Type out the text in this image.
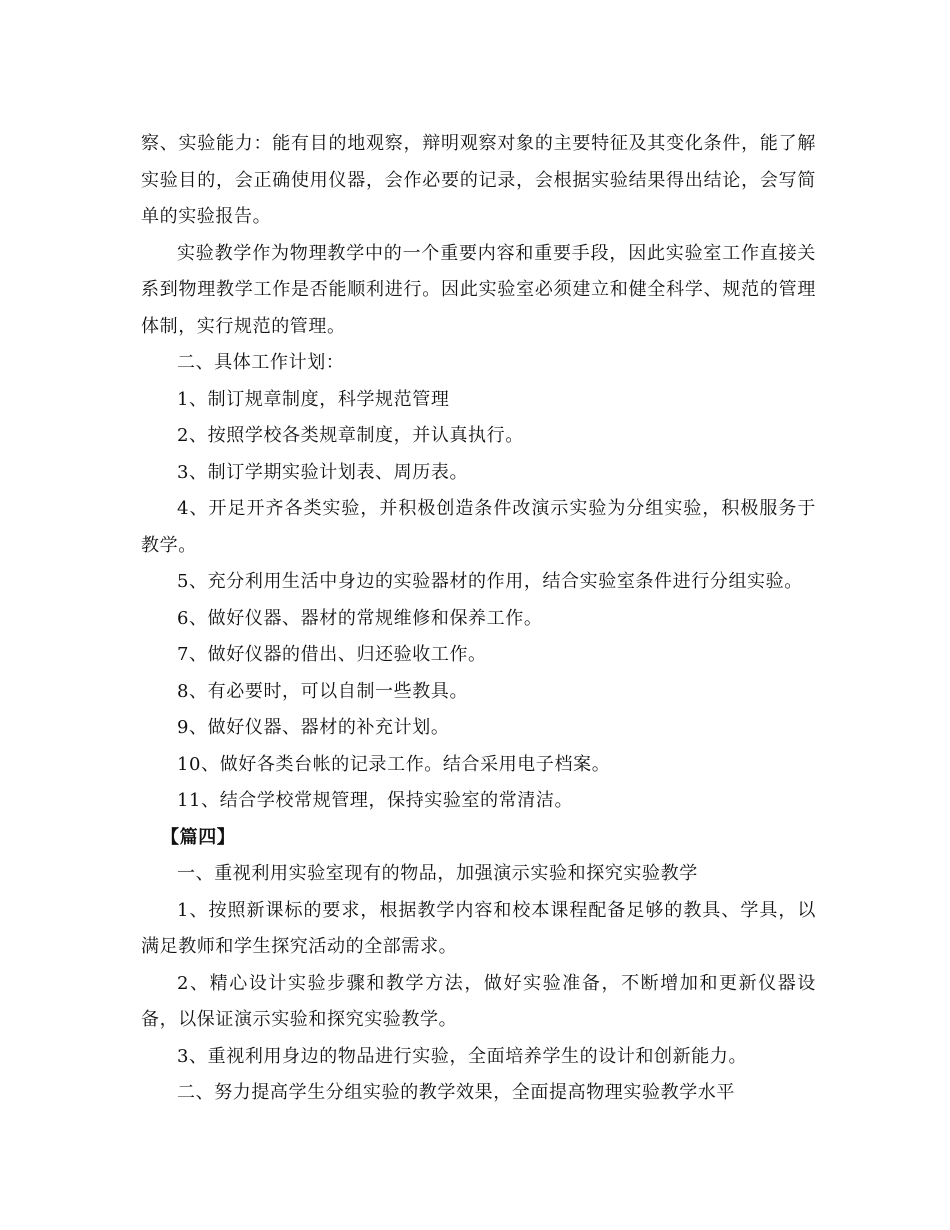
察、实验能力：能有目的地观察，辩明观察对象的主要特征及其变化条件，能了解实验目的，会正确使用仪器，会作必要的记录，会根据实验结果得出结论，会写简单的实验报告。

实验教学作为物理教学中的一个重要内容和重要手段，因此实验室工作直接关系到物理教学工作是否能顺利进行。因此实验室必须建立和健全科学、规范的管理体制，实行规范的管理。

二、具体工作计划：

1、制订规章制度，科学规范管理

2、按照学校各类规章制度，并认真执行。

3、制订学期实验计划表、周历表。

4、开足开齐各类实验，并积极创造条件改演示实验为分组实验，积极服务于教学。

5、充分利用生活中身边的实验器材的作用，结合实验室条件进行分组实验。

6、做好仪器、器材的常规维修和保养工作。

7、做好仪器的借出、归还验收工作。

8、有必要时，可以自制一些教具。

9、做好仪器、器材的补充计划。

10、做好各类台帐的记录工作。结合采用电子档案。

11、结合学校常规管理，保持实验室的常清洁。

【篇四】

一、重视利用实验室现有的物品，加强演示实验和探究实验教学

1、按照新课标的要求，根据教学内容和校本课程配备足够的教具、学具，以满足教师和学生探究活动的全部需求。

2、精心设计实验步骤和教学方法，做好实验准备，不断增加和更新仪器设备，以保证演示实验和探究实验教学。

3、重视利用身边的物品进行实验，全面培养学生的设计和创新能力。

二、努力提高学生分组实验的教学效果，全面提高物理实验教学水平
